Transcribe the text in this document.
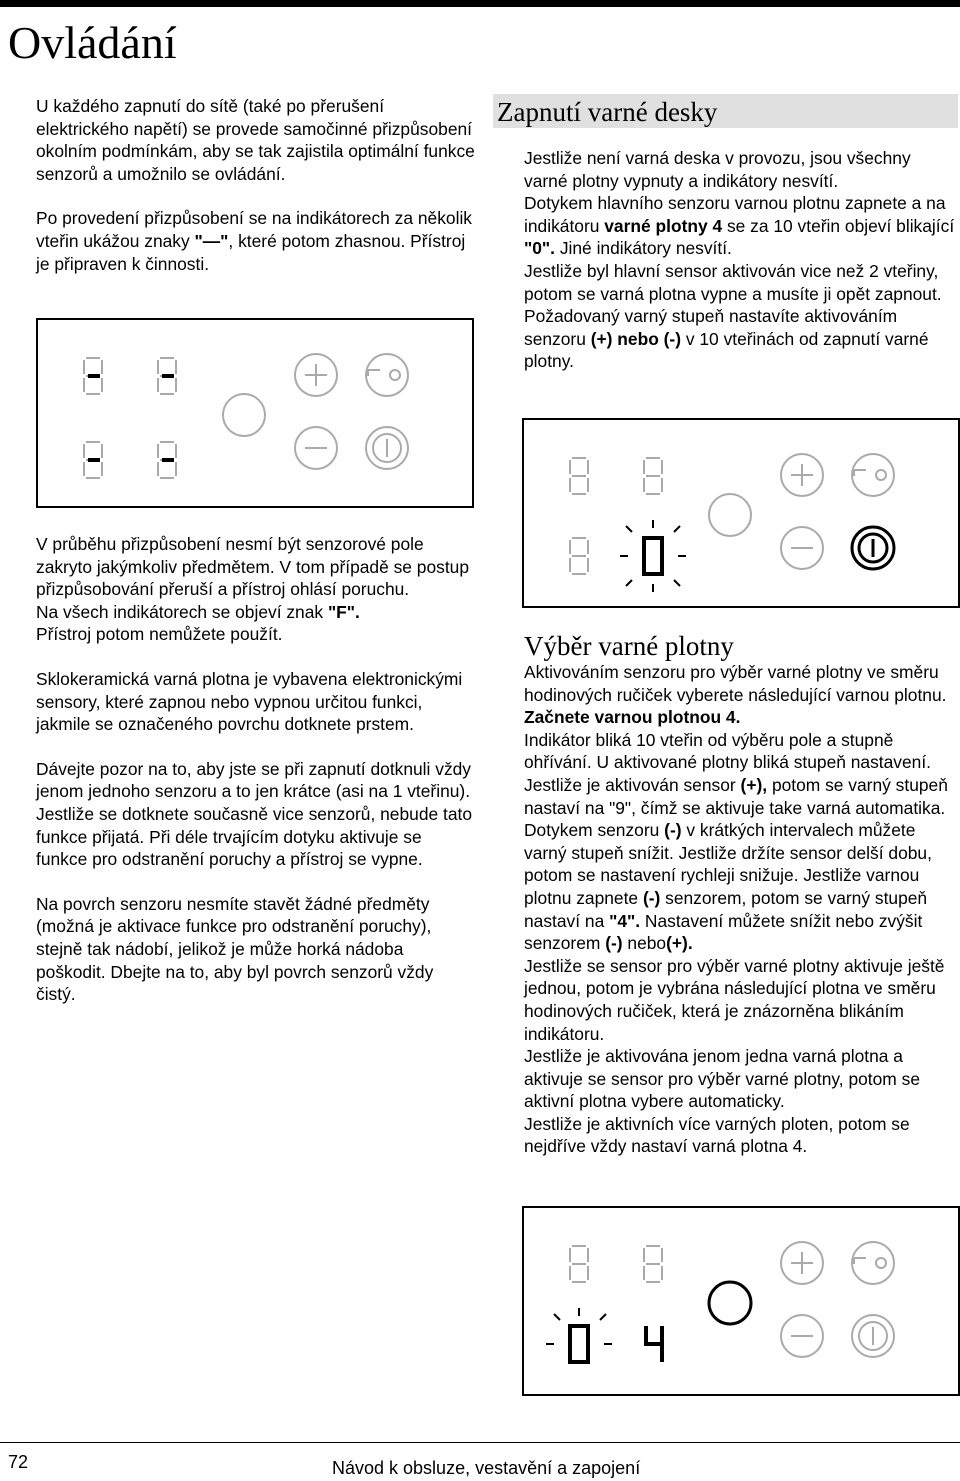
Ovládání

U každého zapnutí do sítě (také po přerušení elektrického napětí) se provede samočinné přizpůsobení okolním podmínkám, aby se tak zajistila optimální funkce senzorů a umožnilo se ovládání.

Po provedení přizpůsobení se na indikátorech za několik vteřin ukážou znaky "—", které potom zhasnou. Přístroj je připraven k činnosti.

V průběhu přizpůsobení nesmí být senzorové pole zakryto jakýmkoliv předmětem. V tom případě se postup přizpůsobování přeruší a přístroj ohlásí poruchu.
Na všech indikátorech se objeví znak "F".
Přístroj potom nemůžete použít.

Sklokeramická varná plotna je vybavena elektronickými sensory, které zapnou nebo vypnou určitou funkci, jakmile se označeného povrchu dotknete prstem.

Dávejte pozor na to, aby jste se při zapnutí dotknuli vždy jenom jednoho senzoru a to jen krátce (asi na 1 vteřinu). Jestliže se dotknete současně vice senzorů, nebude tato funkce přijatá. Při déle trvajícím dotyku aktivuje se funkce pro odstranění poruchy a přístroj se vypne.

Na povrch senzoru nesmíte stavět žádné předměty (možná je aktivace funkce pro odstranění poruchy), stejně tak nádobí, jelikož je může horká nádoba poškodit. Dbejte na to, aby byl povrch senzorů vždy čistý.

Zapnutí varné desky

Jestliže není varná deska v provozu, jsou všechny varné plotny vypnuty a indikátory nesvítí.

Dotykem hlavního senzoru varnou plotnu zapnete a na indikátoru varné plotny 4 se za 10 vteřin objeví blikající "0". Jiné indikátory nesvítí.

Jestliže byl hlavní sensor aktivován vice než 2 vteřiny, potom se varná plotna vypne a musíte ji opět zapnout.

Požadovaný varný stupeň nastavíte aktivováním senzoru (+) nebo (-) v 10 vteřinách od zapnutí varné plotny.

Výběr varné plotny

Aktivováním senzoru pro výběr varné plotny ve směru hodinových ručiček vyberete následující varnou plotnu. Začnete varnou plotnou 4.
Indikátor bliká 10 vteřin od výběru pole a stupně ohřívání. U aktivované plotny bliká stupeň nastavení. Jestliže je aktivován sensor (+), potom se varný stupeň nastaví na "9", čímž se aktivuje take varná automatika. Dotykem senzoru (-) v krátkých intervalech můžete varný stupeň snížit. Jestliže držíte sensor delší dobu, potom se nastavení rychleji snižuje. Jestliže varnou plotnu zapnete (-) senzorem, potom se varný stupeň nastaví na "4". Nastavení můžete snížit nebo zvýšit senzorem (-) nebo(+).

Jestliže se sensor pro výběr varné plotny aktivuje ještě jednou, potom je vybrána následující plotna ve směru hodinových ručiček, která je znázorněna blikáním indikátoru.

Jestliže je aktivována jenom jedna varná plotna a aktivuje se sensor pro výběr varné plotny, potom se aktivní plotna vybere automaticky.

Jestliže je aktivních více varných ploten, potom se nejdříve vždy nastaví varná plotna 4.

72	Návod k obsluze, vestavění a zapojení
